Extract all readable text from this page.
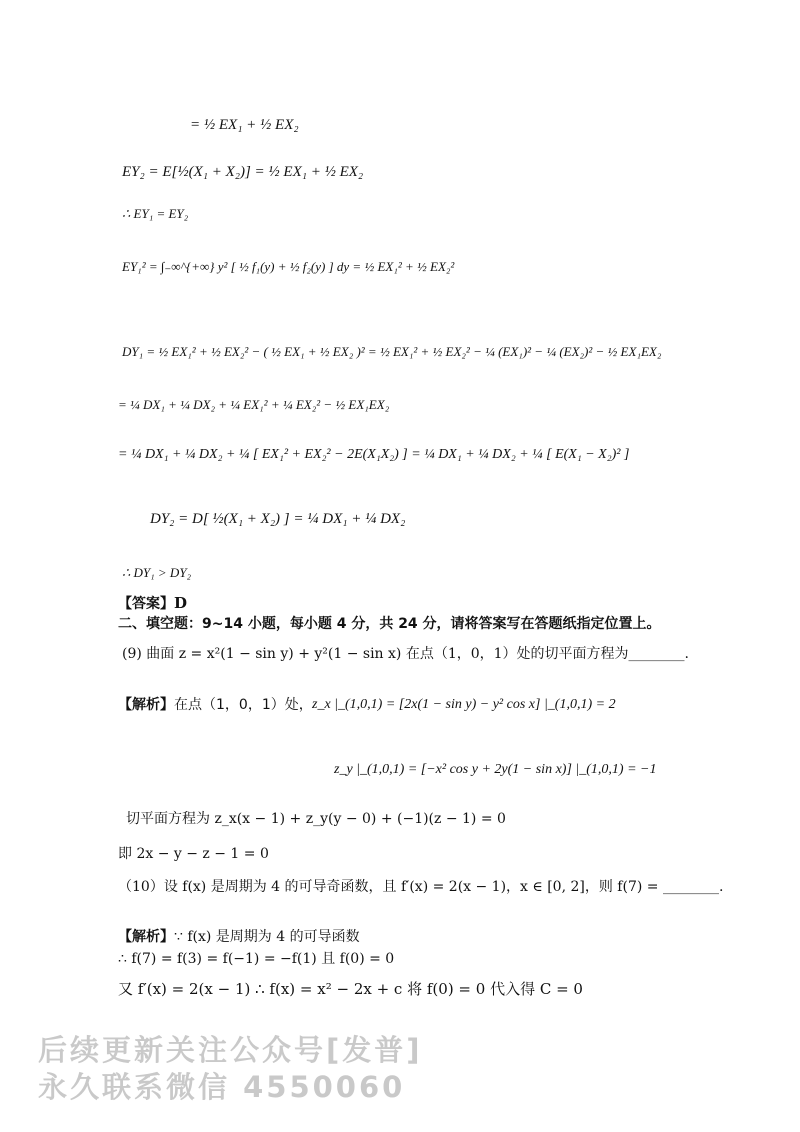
= ½ EX₁ + ½ EX₂
EY₂ = E[½(X₁ + X₂)] = ½ EX₁ + ½ EX₂
∴ EY₁ = EY₂
EY₁² = ∫₋∞^{+∞} y² [ ½ f₁(y) + ½ f₂(y) ] dy = ½ EX₁² + ½ EX₂²
DY₁ = ½ EX₁² + ½ EX₂² − ( ½ EX₁ + ½ EX₂ )² = ½ EX₁² + ½ EX₂² − ¼ (EX₁)² − ¼ (EX₂)² − ½ EX₁EX₂
= ¼ DX₁ + ¼ DX₂ + ¼ EX₁² + ¼ EX₂² − ½ EX₁EX₂
= ¼ DX₁ + ¼ DX₂ + ¼ [ EX₁² + EX₂² − 2E(X₁X₂) ] = ¼ DX₁ + ¼ DX₂ + ¼ [ E(X₁ − X₂)² ]
DY₂ = D[ ½(X₁ + X₂) ] = ¼ DX₁ + ¼ DX₂
∴ DY₁ > DY₂
【答案】D
二、填空题：9~14 小题，每小题 4 分，共 24 分，请将答案写在答题纸指定位置上。
(9) 曲面 z = x²(1 − sin y) + y²(1 − sin x) 在点（1，0，1）处的切平面方程为________.
【解析】在点（1，0，1）处， z_x |_(1,0,1) = [2x(1 − sin y) − y² cos x] |_(1,0,1) = 2
z_y |_(1,0,1) = [−x² cos y + 2y(1 − sin x)] |_(1,0,1) = −1
切平面方程为 z_x(x − 1) + z_y(y − 0) + (−1)(z − 1) = 0
即 2x − y − z − 1 = 0
（10）设 f(x) 是周期为 4 的可导奇函数，且 f′(x) = 2(x − 1)，x ∈ [0, 2]，则 f(7) = ________.
【解析】∵ f(x) 是周期为 4 的可导函数
∴ f(7) = f(3) = f(−1) = −f(1) 且 f(0) = 0
又 f′(x) = 2(x − 1) ∴ f(x) = x² − 2x + c 将 f(0) = 0 代入得 C = 0
后续更新关注公众号[发普]
永久联系微信 4550060
